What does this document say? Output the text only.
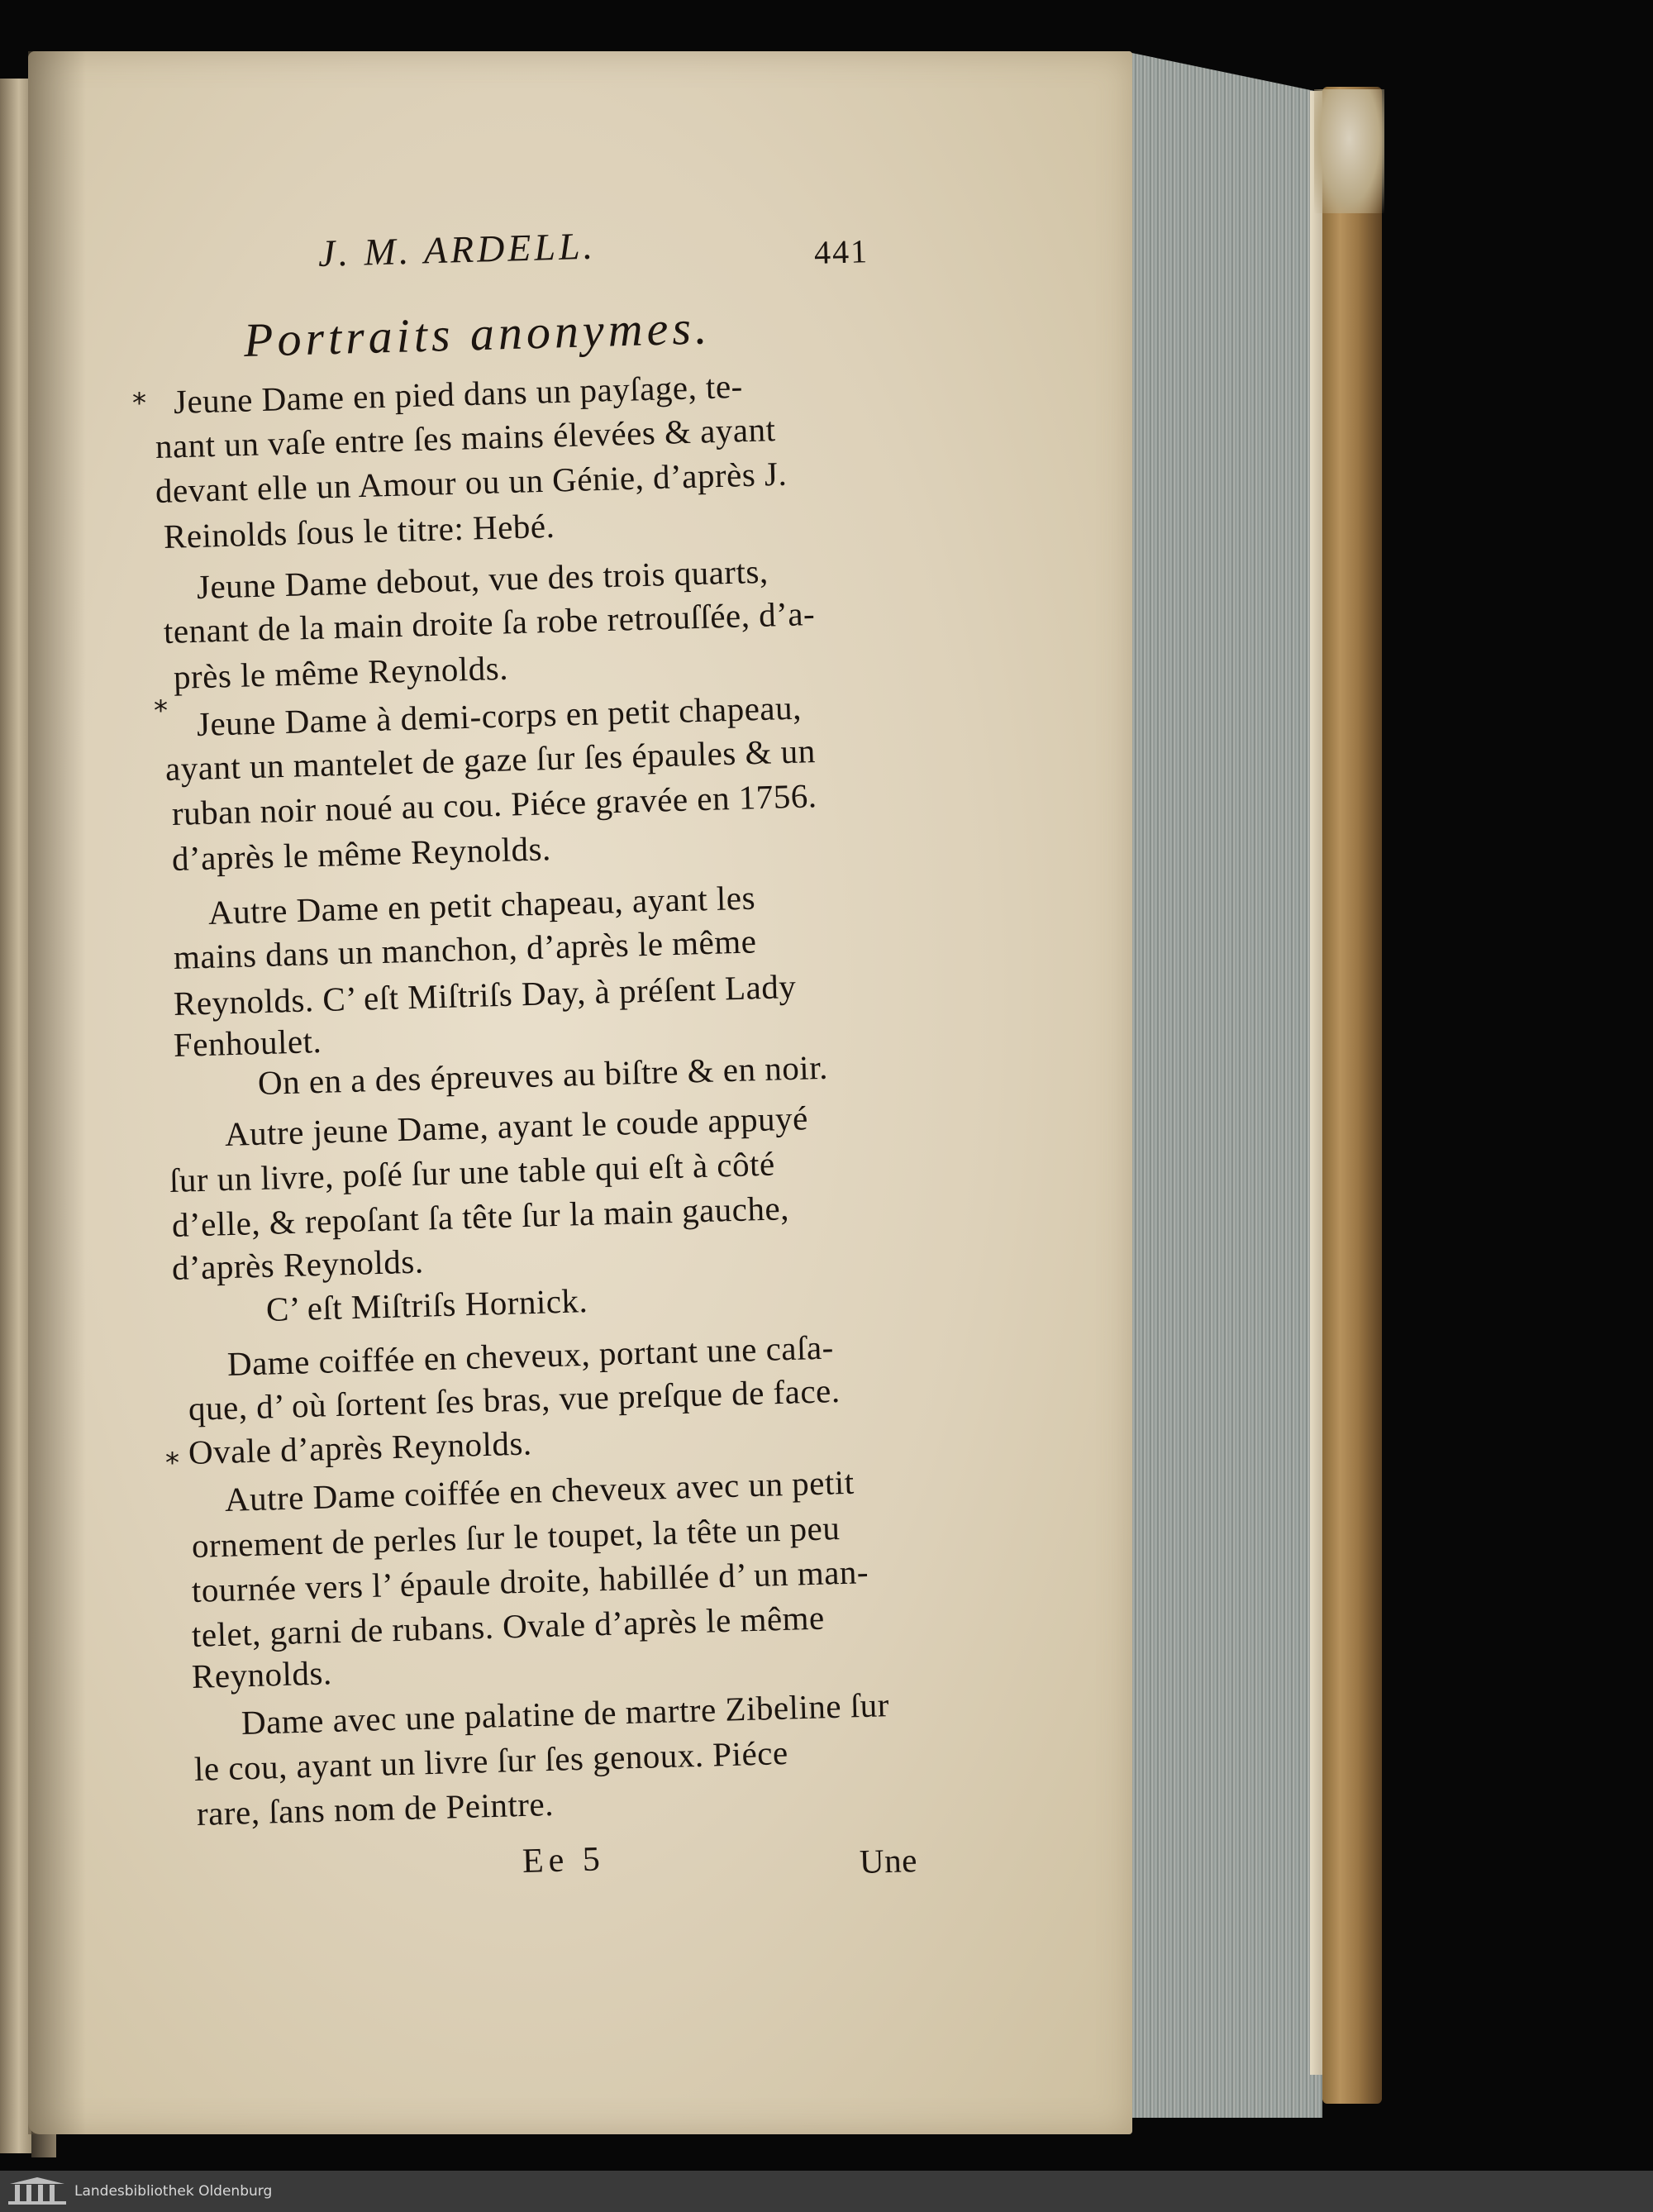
J. M. ARDELL.	441
Portraits anonymes.
*
*
*
Jeune Dame en pied dans un payſage, te-
nant un vaſe entre ſes mains élevées & ayant
devant elle un Amour ou un Génie, d’après J.
Reinolds ſous le titre: Hebé.
Jeune Dame debout, vue des trois quarts,
tenant de la main droite ſa robe retrouſſée, d’a-
près le même Reynolds.
Jeune Dame à demi-corps en petit chapeau,
ayant un mantelet de gaze ſur ſes épaules & un
ruban noir noué au cou. Piéce gravée en 1756.
d’après le même Reynolds.
Autre Dame en petit chapeau, ayant les
mains dans un manchon, d’après le même
Reynolds. C’ eſt Miſtriſs Day, à préſent Lady
Fenhoulet.
On en a des épreuves au biſtre & en noir.
Autre jeune Dame, ayant le coude appuyé
ſur un livre, poſé ſur une table qui eſt à côté
d’elle, & repoſant ſa tête ſur la main gauche,
d’après Reynolds.
C’ eſt Miſtriſs Hornick.
Dame coiffée en cheveux, portant une caſa-
que, d’ où ſortent ſes bras, vue preſque de face.
Ovale d’après Reynolds.
Autre Dame coiffée en cheveux avec un petit
ornement de perles ſur le toupet, la tête un peu
tournée vers l’ épaule droite, habillée d’ un man-
telet, garni de rubans. Ovale d’après le même
Reynolds.
Dame avec une palatine de martre Zibeline ſur
le cou, ayant un livre ſur ſes genoux. Piéce
rare, ſans nom de Peintre.
Ee 5	Une
Landesbibliothek Oldenburg
